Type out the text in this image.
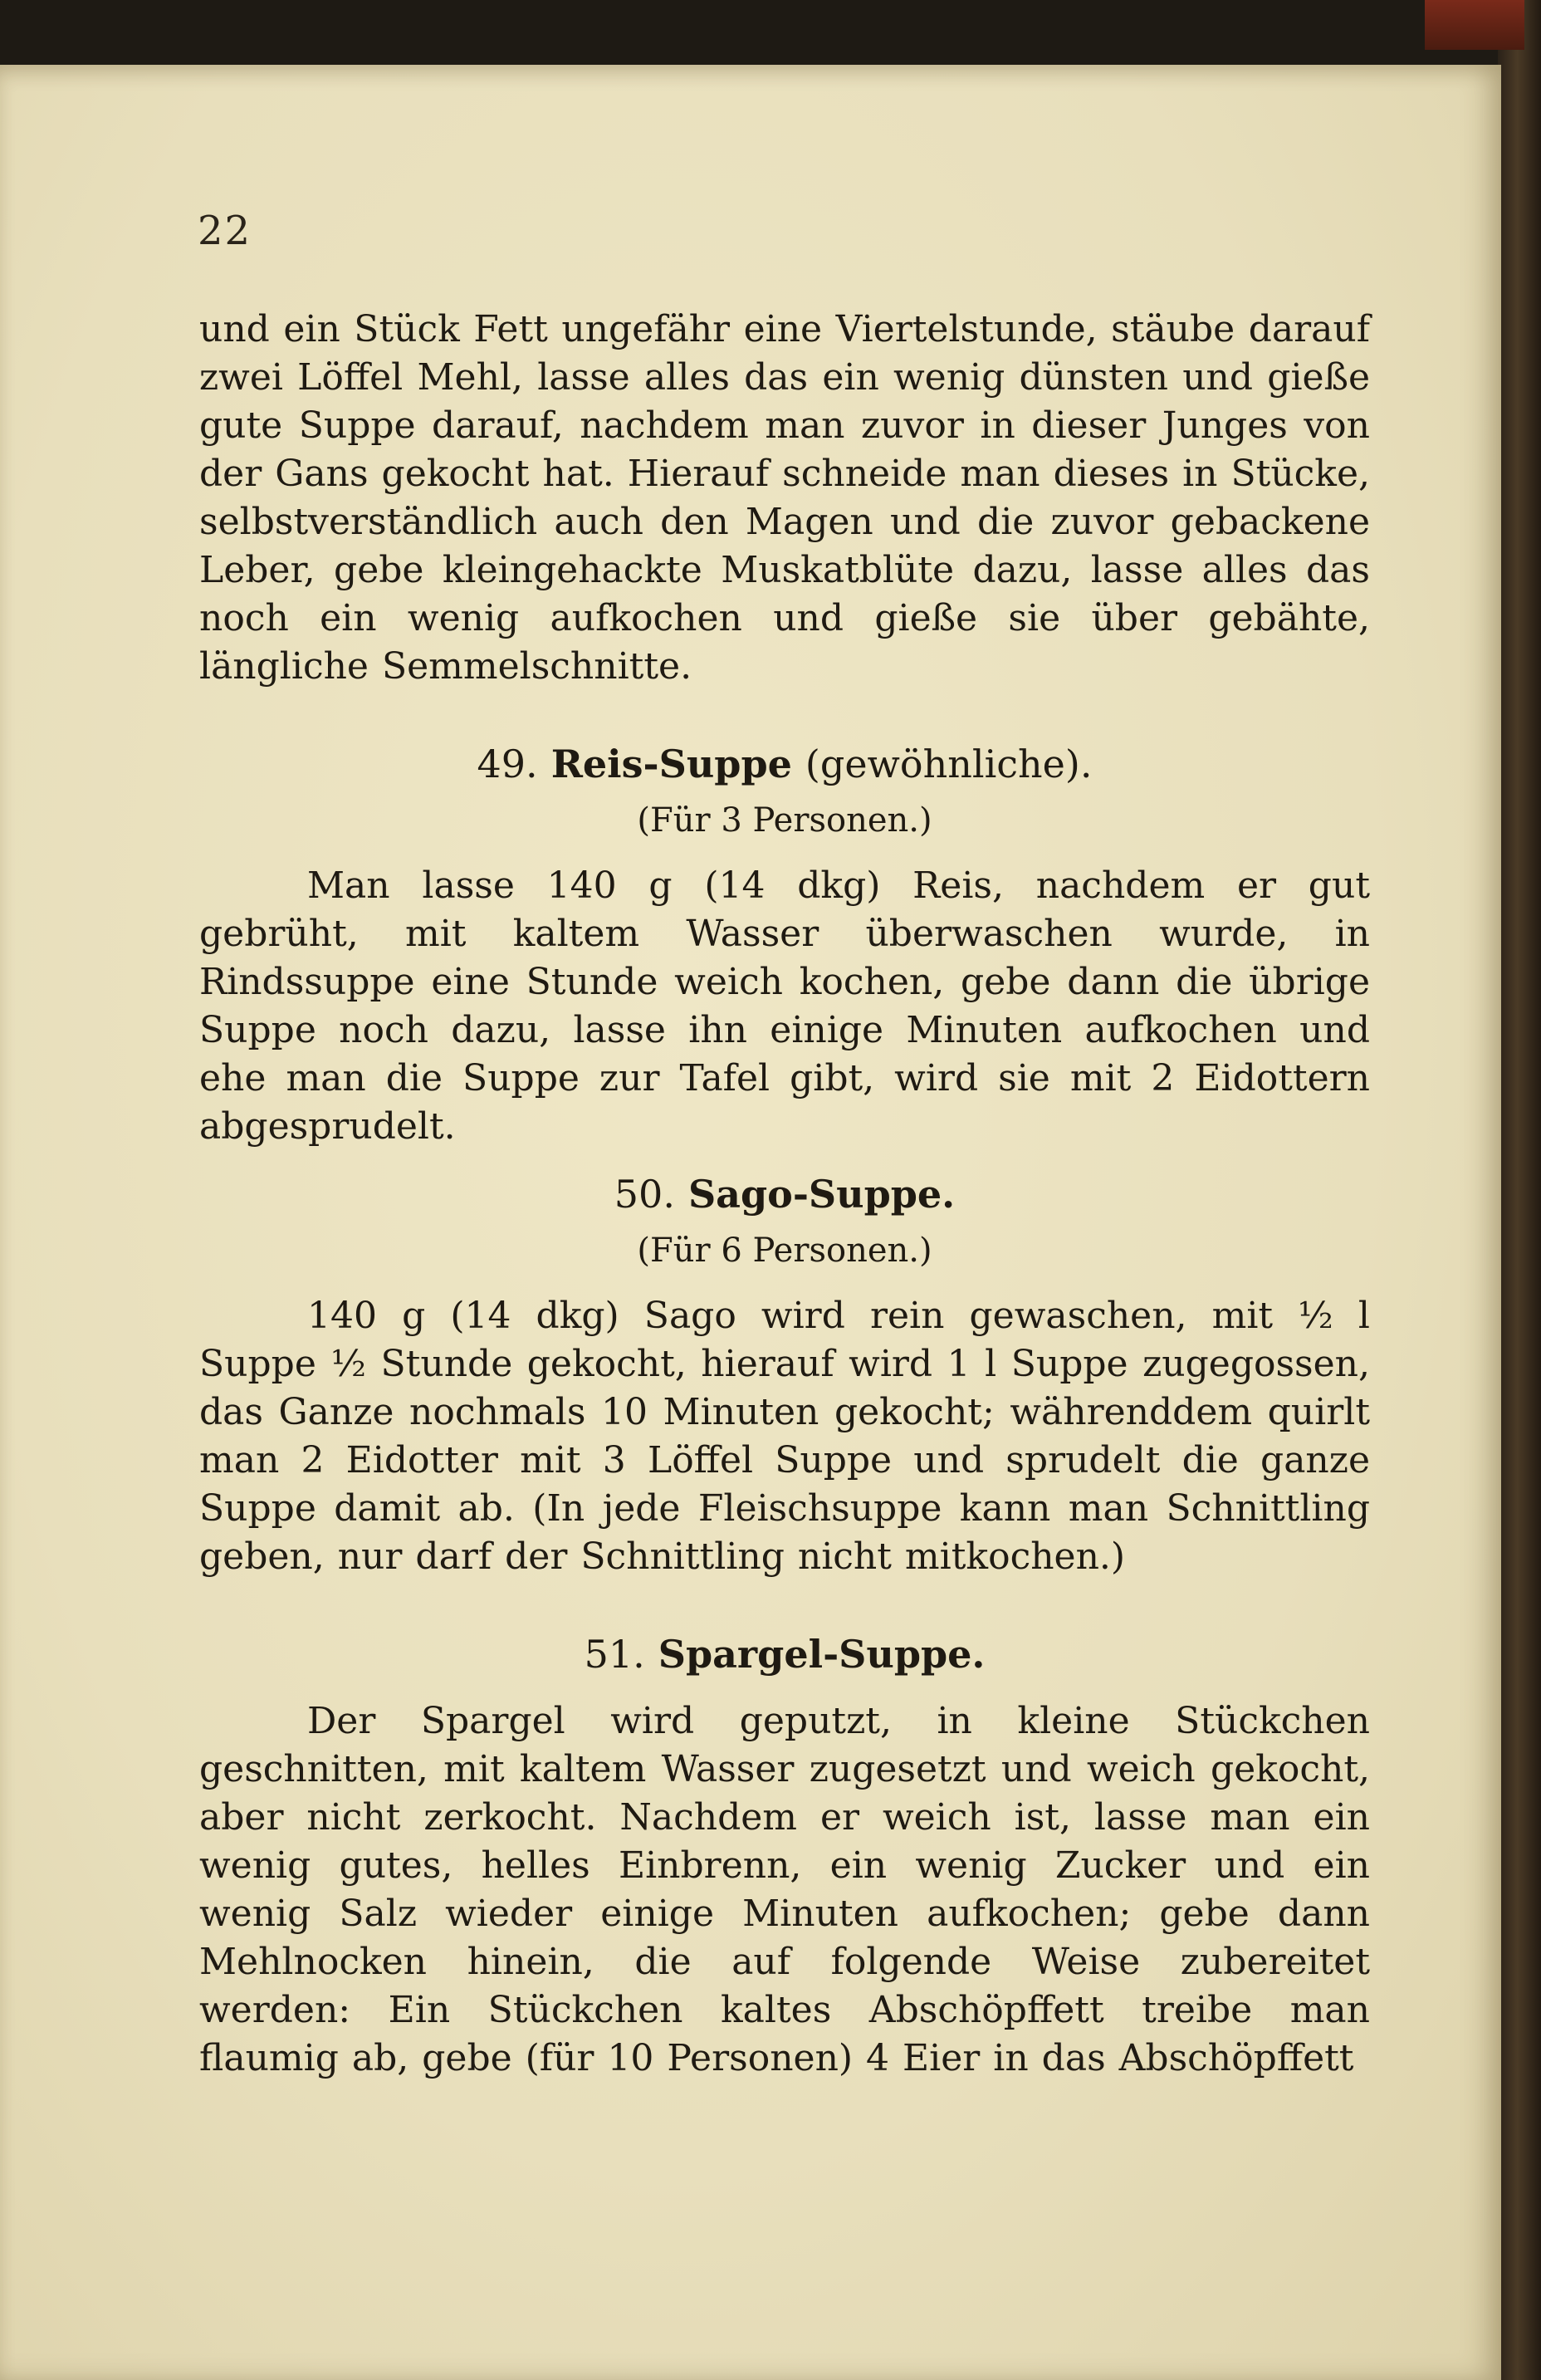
22

und ein Stück Fett ungefähr eine Viertelstunde, stäube darauf zwei Löffel Mehl, lasse alles das ein wenig dünsten und gieße gute Suppe darauf, nachdem man zuvor in dieser Junges von der Gans gekocht hat. Hierauf schneide man dieses in Stücke, selbstverständlich auch den Magen und die zuvor gebackene Leber, gebe kleingehackte Muskatblüte dazu, lasse alles das noch ein wenig aufkochen und gieße sie über gebähte, längliche Semmelschnitte.

49. Reis-Suppe (gewöhnliche).
(Für 3 Personen.)

Man lasse 140 g (14 dkg) Reis, nachdem er gut gebrüht, mit kaltem Wasser überwaschen wurde, in Rindssuppe eine Stunde weich kochen, gebe dann die übrige Suppe noch dazu, lasse ihn einige Minuten aufkochen und ehe man die Suppe zur Tafel gibt, wird sie mit 2 Eidottern abgesprudelt.

50. Sago-Suppe.
(Für 6 Personen.)

140 g (14 dkg) Sago wird rein gewaschen, mit ½ l Suppe ½ Stunde gekocht, hierauf wird 1 l Suppe zugegossen, das Ganze nochmals 10 Minuten gekocht; währenddem quirlt man 2 Eidotter mit 3 Löffel Suppe und sprudelt die ganze Suppe damit ab. (In jede Fleischsuppe kann man Schnittling geben, nur darf der Schnittling nicht mitkochen.)

51. Spargel-Suppe.

Der Spargel wird geputzt, in kleine Stückchen geschnitten, mit kaltem Wasser zugesetzt und weich gekocht, aber nicht zerkocht. Nachdem er weich ist, lasse man ein wenig gutes, helles Einbrenn, ein wenig Zucker und ein wenig Salz wieder einige Minuten aufkochen; gebe dann Mehlnocken hinein, die auf folgende Weise zubereitet werden: Ein Stückchen kaltes Abschöpffett treibe man flaumig ab, gebe (für 10 Personen) 4 Eier in das Abschöpffett
